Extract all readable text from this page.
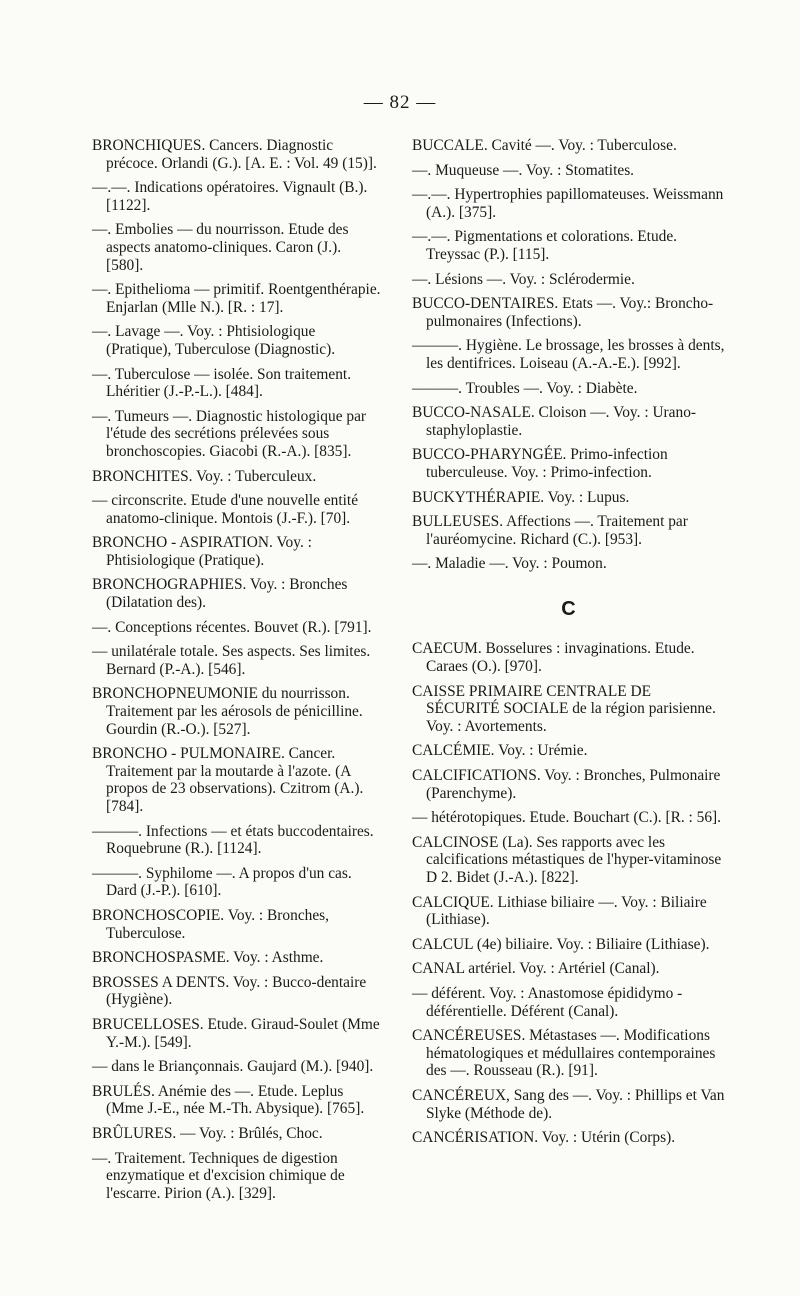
— 82 —

BRONCHIQUES. Cancers. Diagnostic précoce. Orlandi (G.). [A. E. : Vol. 49 (15)].

—.—. Indications opératoires. Vignault (B.). [1122].

—. Embolies — du nourrisson. Etude des aspects anatomo-cliniques. Caron (J.). [580].

—. Epithelioma — primitif. Roentgenthérapie. Enjarlan (Mlle N.). [R. : 17].

—. Lavage —. Voy. : Phtisiologique (Pratique), Tuberculose (Diagnostic).

—. Tuberculose — isolée. Son traitement. Lhéritier (J.-P.-L.). [484].

—. Tumeurs —. Diagnostic histologique par l'étude des secrétions prélevées sous bronchoscopies. Giacobi (R.-A.). [835].

BRONCHITES. Voy. : Tuberculeux.

— circonscrite. Etude d'une nouvelle entité anatomo-clinique. Montois (J.-F.). [70].

BRONCHO - ASPIRATION. Voy. : Phtisiologique (Pratique).

BRONCHOGRAPHIES. Voy. : Bronches (Dilatation des).

—. Conceptions récentes. Bouvet (R.). [791].

— unilatérale totale. Ses aspects. Ses limites. Bernard (P.-A.). [546].

BRONCHOPNEUMONIE du nourrisson. Traitement par les aérosols de pénicilline. Gourdin (R.-O.). [527].

BRONCHO - PULMONAIRE. Cancer. Traitement par la moutarde à l'azote. (A propos de 23 observations). Czitrom (A.). [784].

———. Infections — et états buccodentaires. Roquebrune (R.). [1124].

———. Syphilome —. A propos d'un cas. Dard (J.-P.). [610].

BRONCHOSCOPIE. Voy. : Bronches, Tuberculose.

BRONCHOSPASME. Voy. : Asthme.

BROSSES A DENTS. Voy. : Bucco-dentaire (Hygiène).

BRUCELLOSES. Etude. Giraud-Soulet (Mme Y.-M.). [549].

— dans le Briançonnais. Gaujard (M.). [940].

BRULÉS. Anémie des —. Etude. Leplus (Mme J.-E., née M.-Th. Abysique). [765].

BRÛLURES. — Voy. : Brûlés, Choc.

—. Traitement. Techniques de digestion enzymatique et d'excision chimique de l'escarre. Pirion (A.). [329].

BUCCALE. Cavité —. Voy. : Tuberculose.

—. Muqueuse —. Voy. : Stomatites.

—.—. Hypertrophies papillomateuses. Weissmann (A.). [375].

—.—. Pigmentations et colorations. Etude. Treyssac (P.). [115].

—. Lésions —. Voy. : Sclérodermie.

BUCCO-DENTAIRES. Etats —. Voy.: Broncho-pulmonaires (Infections).

———. Hygiène. Le brossage, les brosses à dents, les dentifrices. Loiseau (A.-A.-E.). [992].

———. Troubles —. Voy. : Diabète.

BUCCO-NASALE. Cloison —. Voy. : Urano-staphyloplastie.

BUCCO-PHARYNGÉE. Primo-infection tuberculeuse. Voy. : Primo-infection.

BUCKYTHÉRAPIE. Voy. : Lupus.

BULLEUSES. Affections —. Traitement par l'auréomycine. Richard (C.). [953].

—. Maladie —. Voy. : Poumon.

C

CAECUM. Bosselures : invaginations. Etude. Caraes (O.). [970].

CAISSE PRIMAIRE CENTRALE DE SÉCURITÉ SOCIALE de la région parisienne. Voy. : Avortements.

CALCÉMIE. Voy. : Urémie.

CALCIFICATIONS. Voy. : Bronches, Pulmonaire (Parenchyme).

— hétérotopiques. Etude. Bouchart (C.). [R. : 56].

CALCINOSE (La). Ses rapports avec les calcifications métastiques de l'hyper-vitaminose D 2. Bidet (J.-A.). [822].

CALCIQUE. Lithiase biliaire —. Voy. : Biliaire (Lithiase).

CALCUL (4e) biliaire. Voy. : Biliaire (Lithiase).

CANAL artériel. Voy. : Artériel (Canal).

— déférent. Voy. : Anastomose épididymo - déférentielle. Déférent (Canal).

CANCÉREUSES. Métastases —. Modifications hématologiques et médullaires contemporaines des —. Rousseau (R.). [91].

CANCÉREUX, Sang des —. Voy. : Phillips et Van Slyke (Méthode de).

CANCÉRISATION. Voy. : Utérin (Corps).
